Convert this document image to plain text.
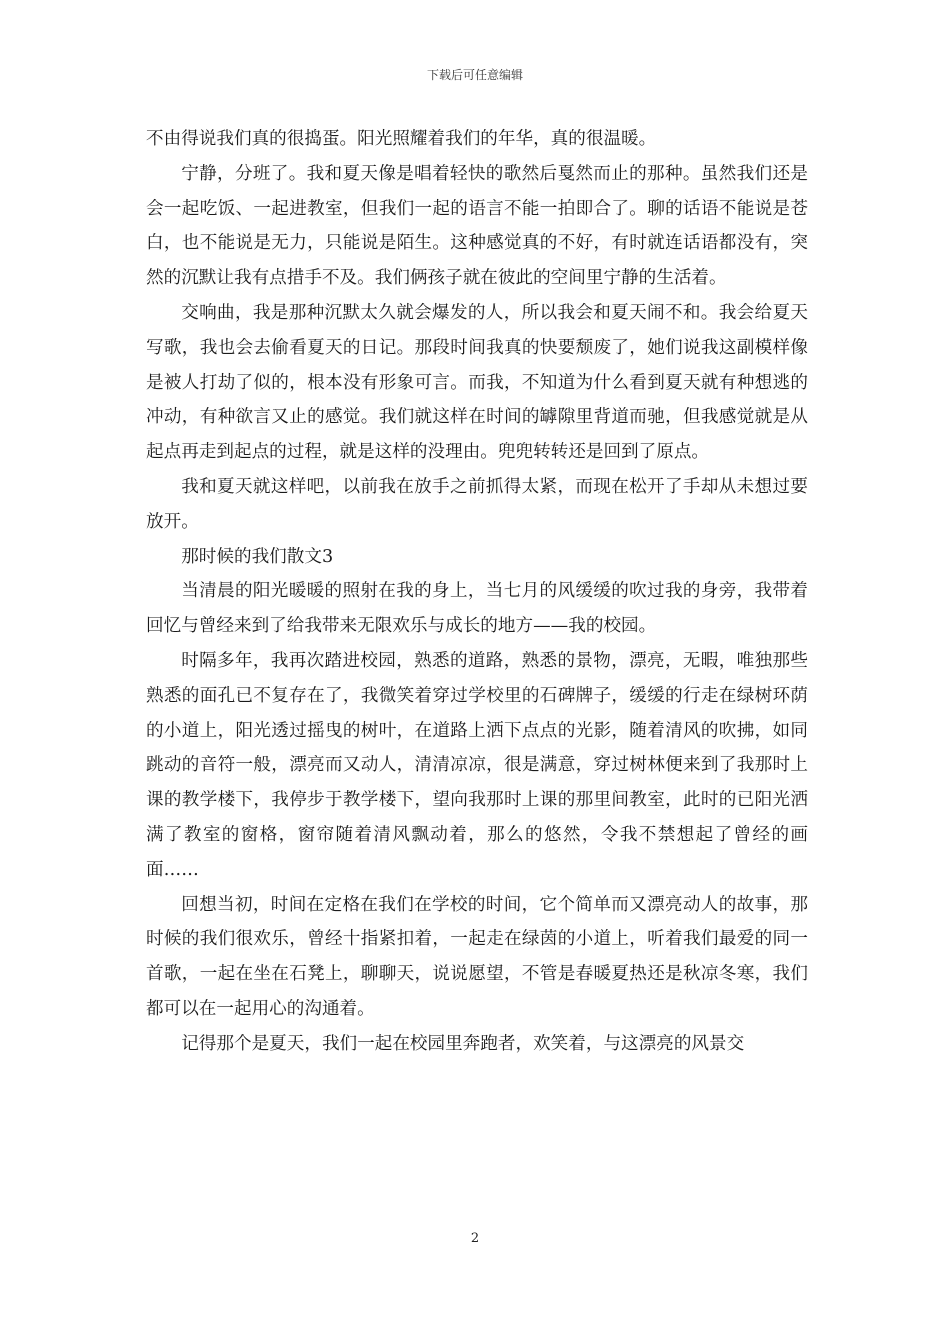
下载后可任意编辑

不由得说我们真的很捣蛋。阳光照耀着我们的年华，真的很温暖。

宁静，分班了。我和夏天像是唱着轻快的歌然后戛然而止的那种。虽然我们还是会一起吃饭、一起进教室，但我们一起的语言不能一拍即合了。聊的话语不能说是苍白，也不能说是无力，只能说是陌生。这种感觉真的不好，有时就连话语都没有，突然的沉默让我有点措手不及。我们俩孩子就在彼此的空间里宁静的生活着。

交响曲，我是那种沉默太久就会爆发的人，所以我会和夏天闹不和。我会给夏天写歌，我也会去偷看夏天的日记。那段时间我真的快要颓废了，她们说我这副模样像是被人打劫了似的，根本没有形象可言。而我，不知道为什么看到夏天就有种想逃的冲动，有种欲言又止的感觉。我们就这样在时间的罅隙里背道而驰，但我感觉就是从起点再走到起点的过程，就是这样的没理由。兜兜转转还是回到了原点。

我和夏天就这样吧，以前我在放手之前抓得太紧，而现在松开了手却从未想过要放开。

那时候的我们散文3

当清晨的阳光暖暖的照射在我的身上，当七月的风缓缓的吹过我的身旁，我带着回忆与曾经来到了给我带来无限欢乐与成长的地方——我的校园。

时隔多年，我再次踏进校园，熟悉的道路，熟悉的景物，漂亮，无暇，唯独那些熟悉的面孔已不复存在了，我微笑着穿过学校里的石碑牌子，缓缓的行走在绿树环荫的小道上，阳光透过摇曳的树叶，在道路上洒下点点的光影，随着清风的吹拂，如同跳动的音符一般，漂亮而又动人，清清凉凉，很是满意，穿过树林便来到了我那时上课的教学楼下，我停步于教学楼下，望向我那时上课的那里间教室，此时的已阳光洒满了教室的窗格，窗帘随着清风飘动着，那么的悠然，令我不禁想起了曾经的画面……

回想当初，时间在定格在我们在学校的时间，它个简单而又漂亮动人的故事，那时候的我们很欢乐，曾经十指紧扣着，一起走在绿茵的小道上，听着我们最爱的同一首歌，一起在坐在石凳上，聊聊天，说说愿望，不管是春暖夏热还是秋凉冬寒，我们都可以在一起用心的沟通着。

记得那个是夏天，我们一起在校园里奔跑者，欢笑着，与这漂亮的风景交

2
